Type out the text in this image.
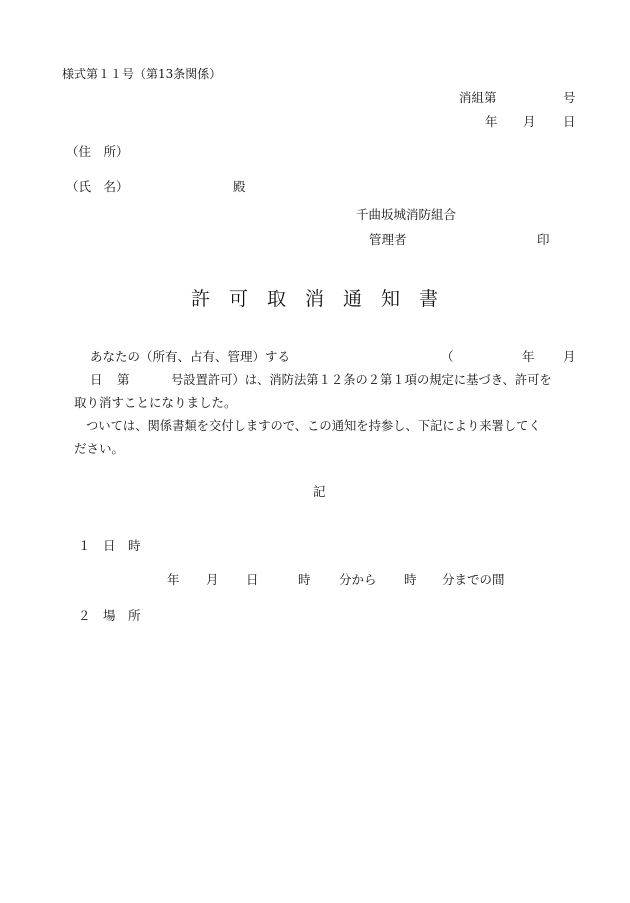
様式第１１号（第13条関係）
消組第	号
年 月 日
（住　所）
（氏　名）	殿
千曲坂城消防組合
管理者	印
許　可　取　消　通　知　書
あなたの（所有、占有、管理）する	（	年 月
日 第	号設置許可）は、消防法第１２条の２第１項の規定に基づき、許可を
取り消すことになりました。
ついては、関係書類を交付しますので、この通知を持参し、下記により来署してく
ださい。
記
１　日　時
年 月 日	時 分から 時 分までの間
２　場　所
